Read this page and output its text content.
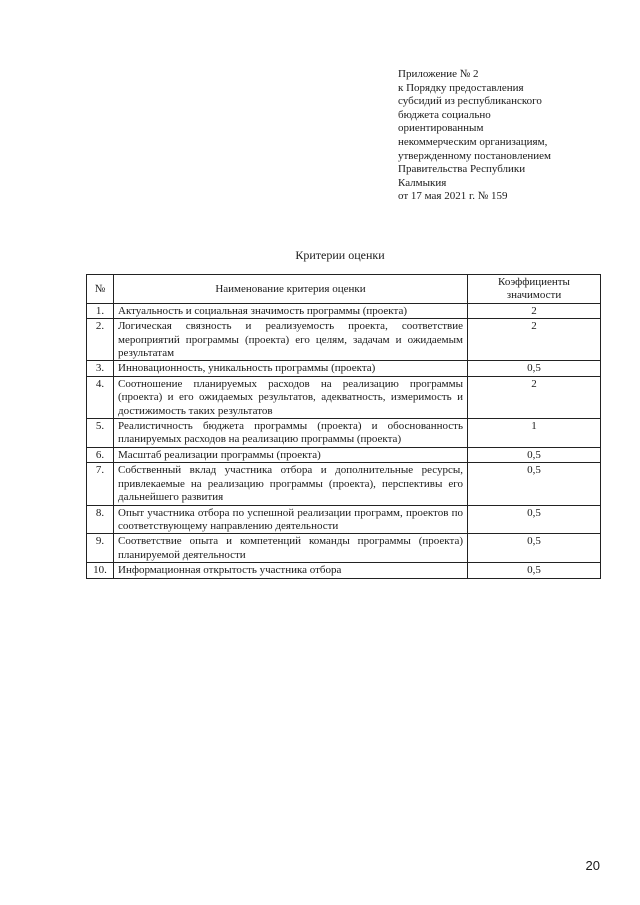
Приложение № 2
к Порядку предоставления
субсидий из республиканского
бюджета социально
ориентированным
некоммерческим организациям,
утвержденному постановлением
Правительства Республики
Калмыкия
от 17 мая 2021 г. № 159
Критерии оценки
№	Наименование критерия оценки	Коэффициенты значимости
1.	Актуальность и социальная значимость программы (проекта)	2
2.	Логическая связность и реализуемость проекта, соответствие мероприятий программы (проекта) его целям, задачам и ожидаемым результатам	2
3.	Инновационность, уникальность программы (проекта)	0,5
4.	Соотношение планируемых расходов на реализацию программы (проекта) и его ожидаемых результатов, адекватность, измеримость и достижимость таких результатов	2
5.	Реалистичность бюджета программы (проекта) и обоснованность планируемых расходов на реализацию программы (проекта)	1
6.	Масштаб реализации программы (проекта)	0,5
7.	Собственный вклад участника отбора и дополнительные ресурсы, привлекаемые на реализацию программы (проекта), перспективы его дальнейшего развития	0,5
8.	Опыт участника отбора по успешной реализации программ, проектов по соответствующему направлению деятельности	0,5
9.	Соответствие опыта и компетенций команды программы (проекта) планируемой деятельности	0,5
10.	Информационная открытость участника отбора	0,5
20
